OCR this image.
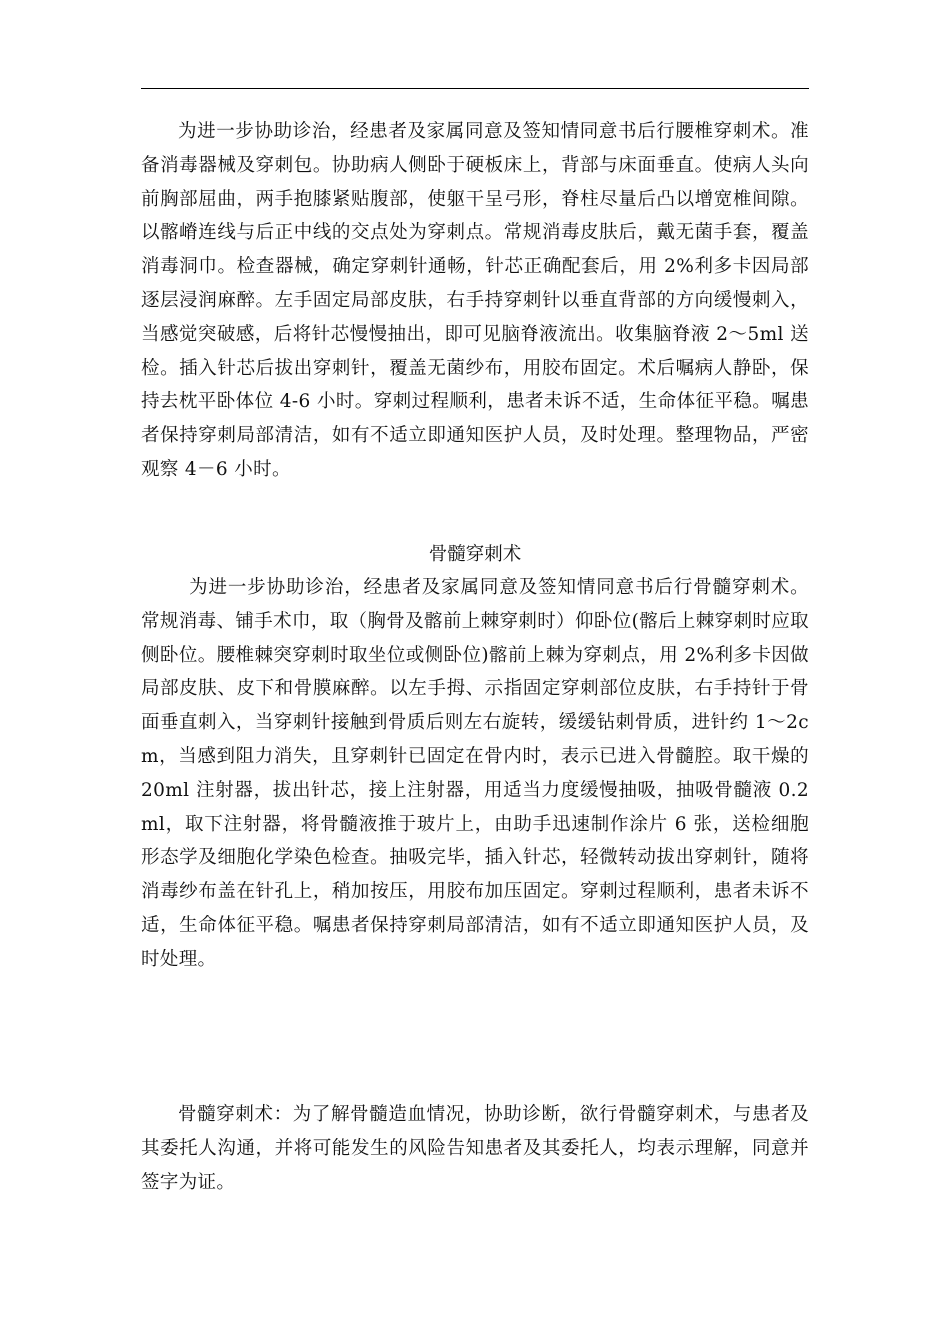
为进一步协助诊治，经患者及家属同意及签知情同意书后行腰椎穿刺术。准备消毒器械及穿刺包。协助病人侧卧于硬板床上，背部与床面垂直。使病人头向前胸部屈曲，两手抱膝紧贴腹部，使躯干呈弓形，脊柱尽量后凸以增宽椎间隙。以髂嵴连线与后正中线的交点处为穿刺点。常规消毒皮肤后，戴无菌手套，覆盖消毒洞巾。检查器械，确定穿刺针通畅，针芯正确配套后，用 2%利多卡因局部逐层浸润麻醉。左手固定局部皮肤，右手持穿刺针以垂直背部的方向缓慢刺入，当感觉突破感，后将针芯慢慢抽出，即可见脑脊液流出。收集脑脊液 2～5ml 送检。插入针芯后拔出穿刺针，覆盖无菌纱布，用胶布固定。术后嘱病人静卧，保持去枕平卧体位 4-6 小时。穿刺过程顺利，患者未诉不适，生命体征平稳。嘱患者保持穿刺局部清洁，如有不适立即通知医护人员，及时处理。整理物品，严密观察 4－6 小时。

骨髓穿刺术

为进一步协助诊治，经患者及家属同意及签知情同意书后行骨髓穿刺术。常规消毒、铺手术巾，取（胸骨及髂前上棘穿刺时）仰卧位(髂后上棘穿刺时应取侧卧位。腰椎棘突穿刺时取坐位或侧卧位)髂前上棘为穿刺点，用 2%利多卡因做局部皮肤、皮下和骨膜麻醉。以左手拇、示指固定穿刺部位皮肤，右手持针于骨面垂直刺入，当穿刺针接触到骨质后则左右旋转，缓缓钻刺骨质，进针约 1～2cm，当感到阻力消失，且穿刺针已固定在骨内时，表示已进入骨髓腔。取干燥的 20ml 注射器，拔出针芯，接上注射器，用适当力度缓慢抽吸，抽吸骨髓液 0.2ml，取下注射器，将骨髓液推于玻片上，由助手迅速制作涂片 6 张，送检细胞形态学及细胞化学染色检查。抽吸完毕，插入针芯，轻微转动拔出穿刺针，随将消毒纱布盖在针孔上，稍加按压，用胶布加压固定。穿刺过程顺利，患者未诉不适，生命体征平稳。嘱患者保持穿刺局部清洁，如有不适立即通知医护人员，及时处理。

骨髓穿刺术：为了解骨髓造血情况，协助诊断，欲行骨髓穿刺术，与患者及其委托人沟通，并将可能发生的风险告知患者及其委托人，均表示理解，同意并签字为证。
